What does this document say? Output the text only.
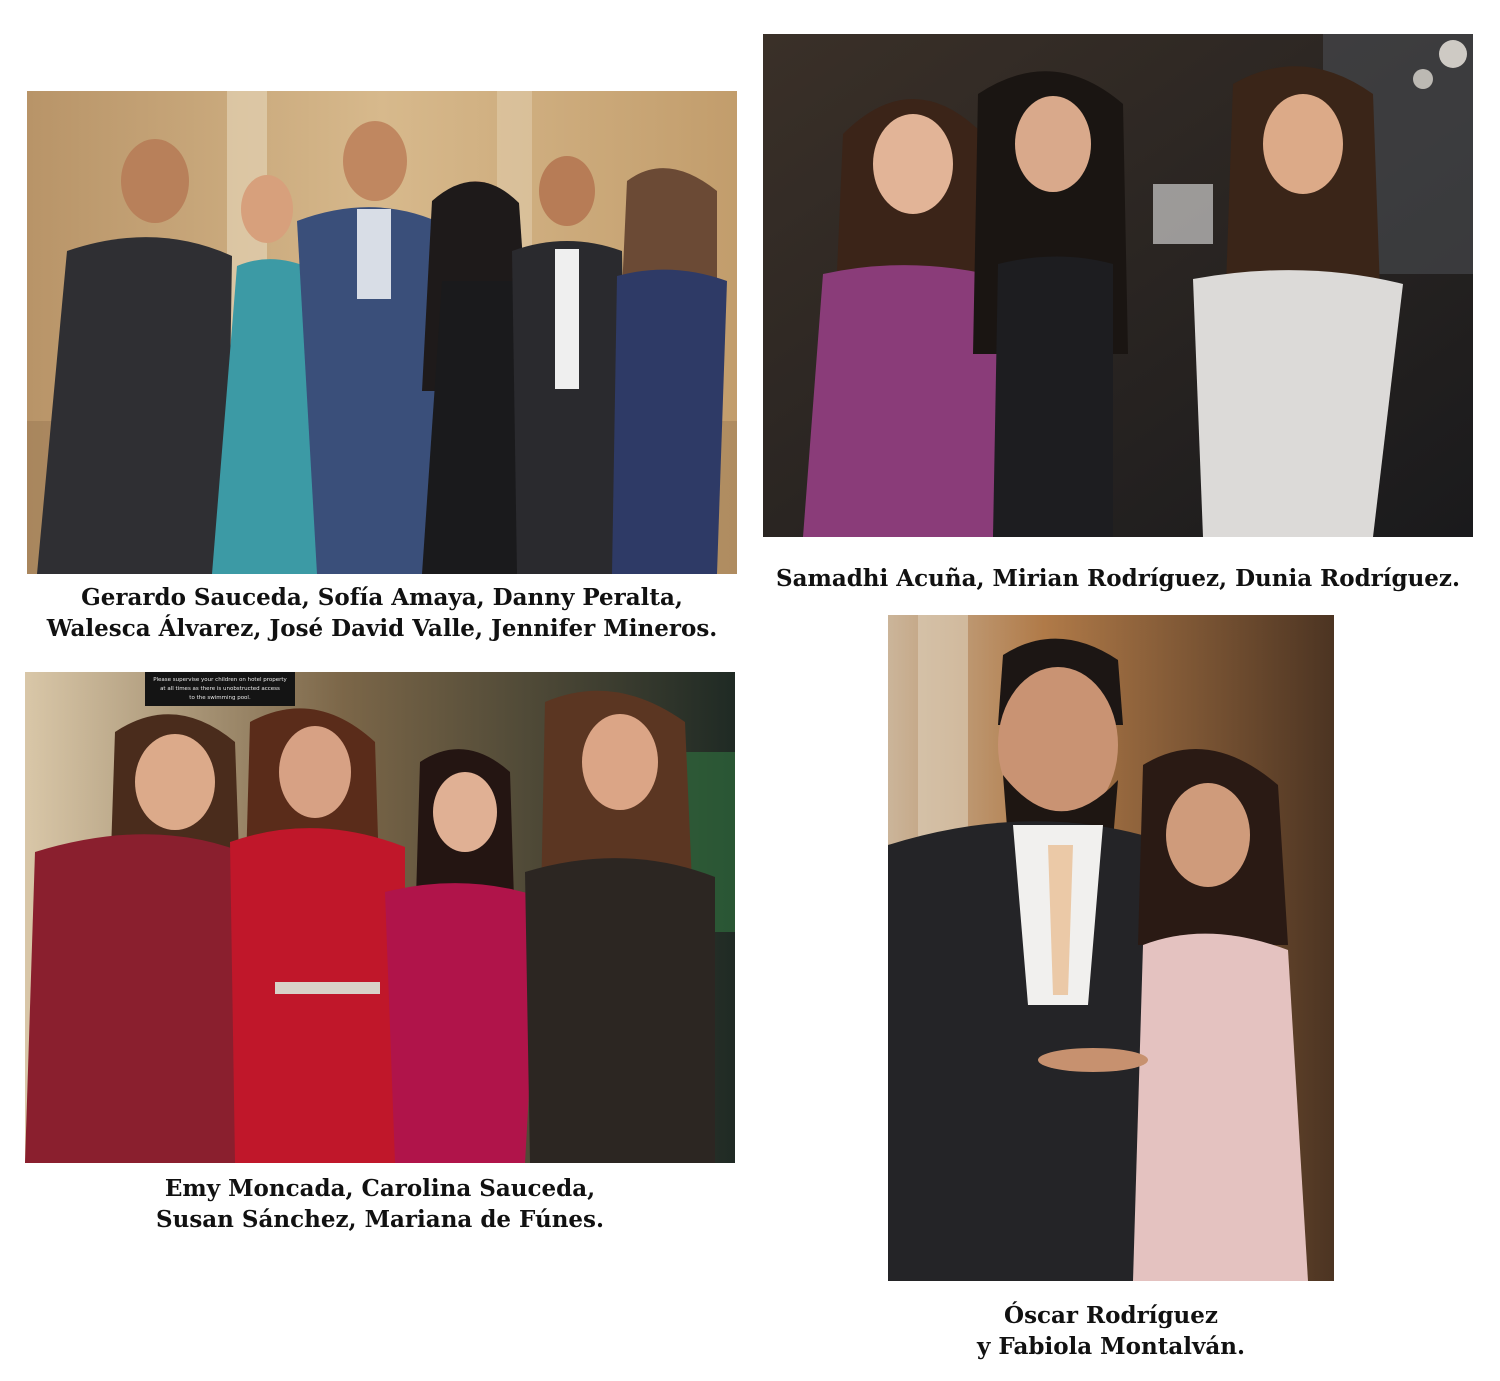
Gerardo Sauceda, Sofía Amaya, Danny Peralta,
Walesca Álvarez, José David Valle, Jennifer Mineros.
Samadhi Acuña, Mirian Rodríguez, Dunia Rodríguez.
Please supervise your children on hotel property
at all times as there is unobstructed access
to the swimming pool.
Emy Moncada, Carolina Sauceda,
Susan Sánchez, Mariana de Fúnes.
Óscar Rodríguez
y Fabiola Montalván.
